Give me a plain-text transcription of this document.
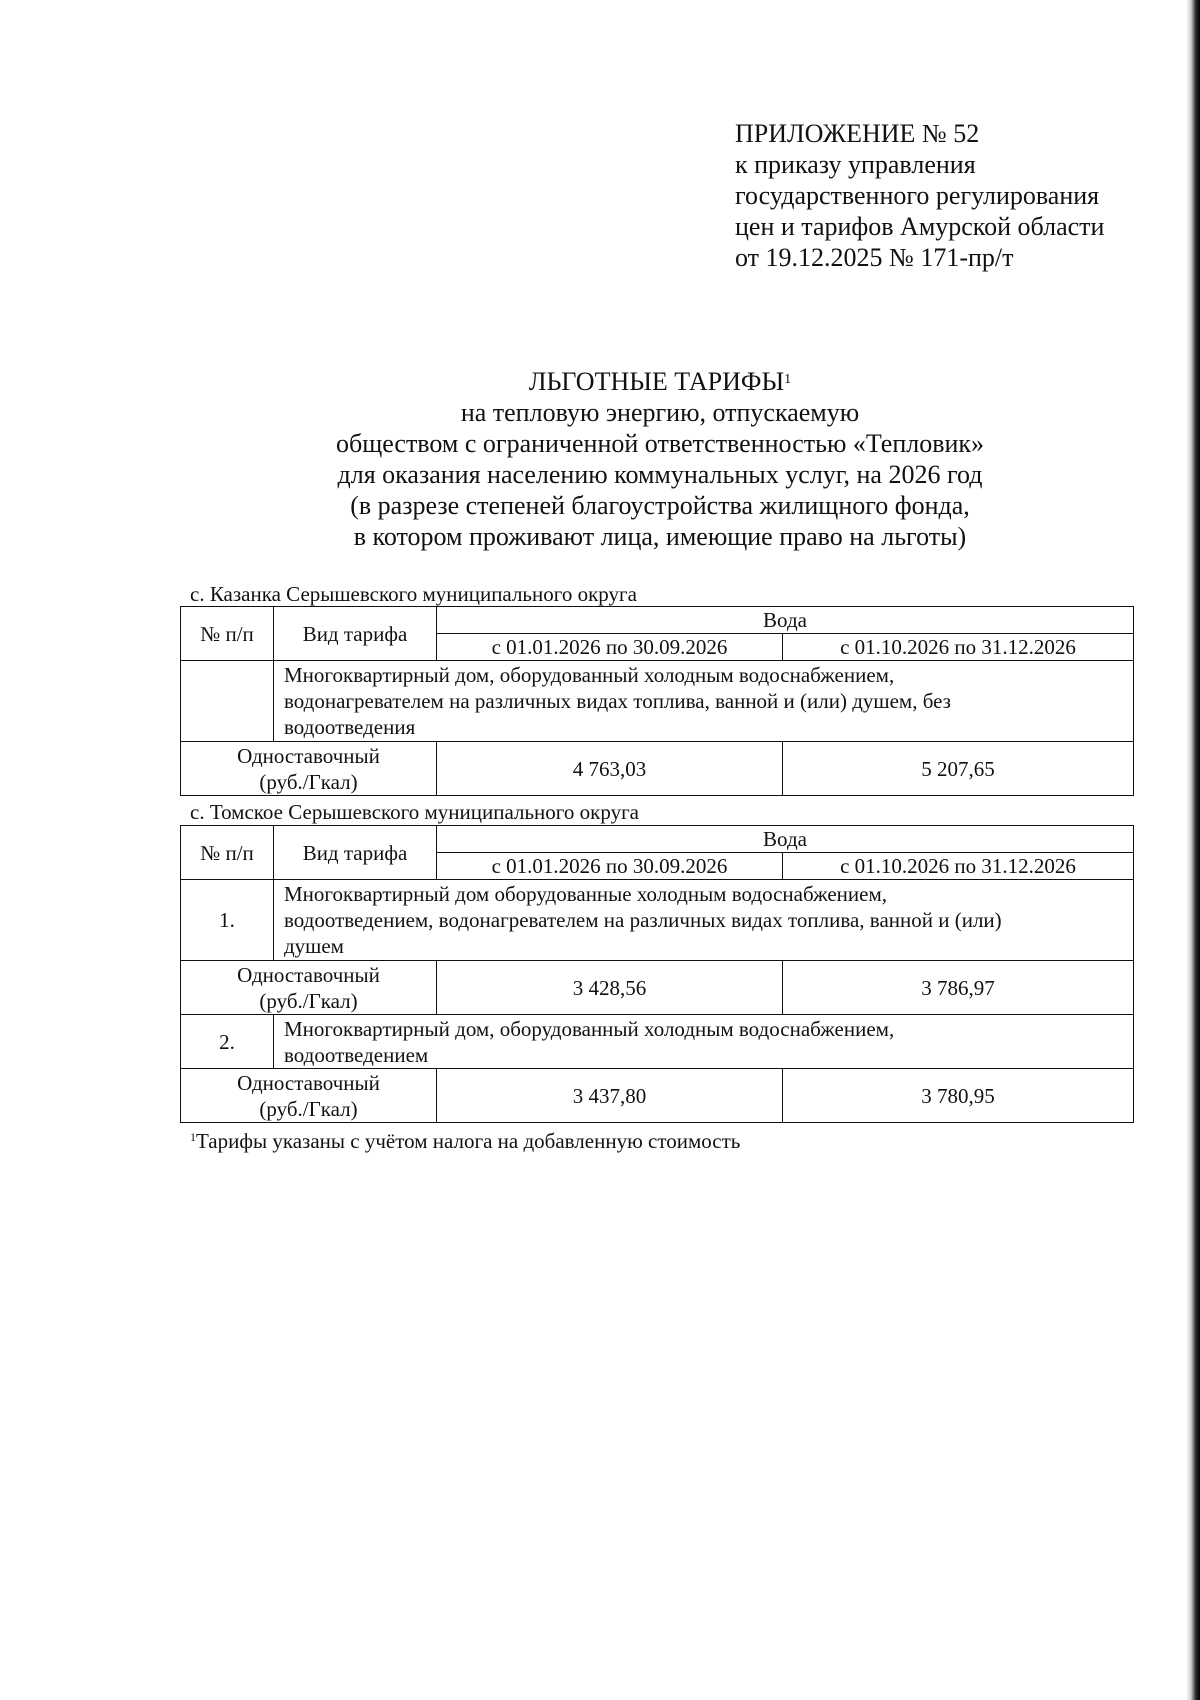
ПРИЛОЖЕНИЕ № 52
к приказу управления
государственного регулирования
цен и тарифов Амурской области
от 19.12.2025 № 171-пр/т
ЛЬГОТНЫЕ ТАРИФЫ$^1$
на тепловую энергию, отпускаемую
обществом с ограниченной ответственностью «Тепловик»
для оказания населению коммунальных услуг, на 2026 год
(в разрезе степеней благоустройства жилищного фонда,
в котором проживают лица, имеющие право на льготы)
с. Казанка Серышевского муниципального округа
№ п/п	Вид тарифа	Вода	
		с 01.01.2026 по 30.09.2026	с 01.10.2026 по 31.12.2026

	Многоквартирный дом, оборудованный холодным водоснабжением,
водонагревателем на различных видах топлива, ванной и (или) душем, без
водоотведения		

Одноставочный
(руб./Гкал)		4 763,03	5 207,65
с. Томское Серышевского муниципального округа
№ п/п	Вид тарифа	Вода	
		с 01.01.2026 по 30.09.2026	с 01.10.2026 по 31.12.2026
1.	Многоквартирный дом оборудованные холодным водоснабжением,
водоотведением, водонагревателем на различных видах топлива, ванной и (или)
душем		

Одноставочный
(руб./Гкал)		3 428,56	3 786,97
2.	Многоквартирный дом, оборудованный холодным водоснабжением,
водоотведением		

Одноставочный
(руб./Гкал)		3 437,80	3 780,95
$^1$Тарифы указаны с учётом налога на добавленную стоимость
